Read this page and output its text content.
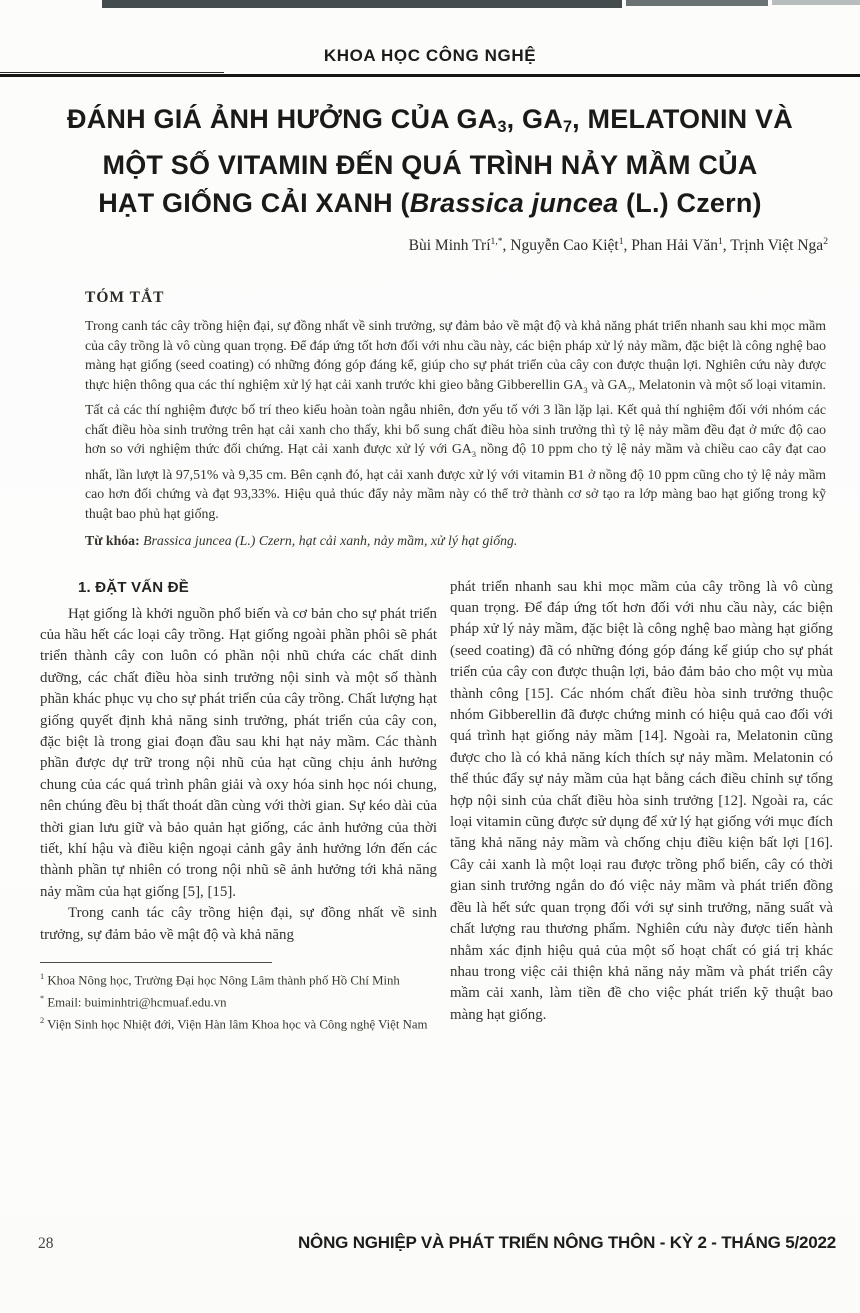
KHOA HỌC CÔNG NGHỆ
ĐÁNH GIÁ ẢNH HƯỞNG CỦA $GA_3$, $GA_7$, MELATONIN VÀ
MỘT SỐ VITAMIN ĐẾN QUÁ TRÌNH NẢY MẦM CỦA
HẠT GIỐNG CẢI XANH (Brassica juncea (L.) Czern)
Bùi Minh Trí$^{1,*}$, Nguyễn Cao Kiệt$^1$, Phan Hải Văn$^1$, Trịnh Việt Nga$^2$
TÓM TẮT
Trong canh tác cây trồng hiện đại, sự đồng nhất về sinh trưởng, sự đảm bảo về mật độ và khả năng phát triển nhanh sau khi mọc mầm của cây trồng là vô cùng quan trọng. Để đáp ứng tốt hơn đối với nhu cầu này, các biện pháp xử lý nảy mầm, đặc biệt là công nghệ bao màng hạt giống (seed coating) có những đóng góp đáng kể, giúp cho sự phát triển của cây con được thuận lợi. Nghiên cứu này được thực hiện thông qua các thí nghiệm xử lý hạt cải xanh trước khi gieo bằng Gibberellin $GA_3$ và $GA_7$, Melatonin và một số loại vitamin. Tất cả các thí nghiệm được bố trí theo kiểu hoàn toàn ngẫu nhiên, đơn yếu tố với 3 lần lặp lại. Kết quả thí nghiệm đối với nhóm các chất điều hòa sinh trưởng trên hạt cải xanh cho thấy, khi bổ sung chất điều hòa sinh trưởng thì tỷ lệ nảy mầm đều đạt ở mức độ cao hơn so với nghiệm thức đối chứng. Hạt cải xanh được xử lý với $GA_3$ nồng độ 10 ppm cho tỷ lệ nảy mầm và chiều cao cây đạt cao nhất, lần lượt là 97,51% và 9,35 cm. Bên cạnh đó, hạt cải xanh được xử lý với vitamin B1 ở nồng độ 10 ppm cũng cho tỷ lệ nảy mầm cao hơn đối chứng và đạt 93,33%. Hiệu quả thúc đẩy nảy mầm này có thể trở thành cơ sở tạo ra lớp màng bao hạt giống trong kỹ thuật bao phủ hạt giống.
Từ khóa: Brassica juncea (L.) Czern, hạt cải xanh, nảy mầm, xử lý hạt giống.
1. ĐẶT VẤN ĐỀ

Hạt giống là khởi nguồn phổ biến và cơ bản cho sự phát triển của hầu hết các loại cây trồng. Hạt giống ngoài phần phôi sẽ phát triển thành cây con luôn có phần nội nhũ chứa các chất dinh dưỡng, các chất điều hòa sinh trưởng nội sinh và một số thành phần khác phục vụ cho sự phát triển của cây trồng. Chất lượng hạt giống quyết định khả năng sinh trưởng, phát triển của cây con, đặc biệt là trong giai đoạn đầu sau khi hạt nảy mầm. Các thành phần được dự trữ trong nội nhũ của hạt cũng chịu ảnh hưởng chung của các quá trình phân giải và oxy hóa sinh học nói chung, nên chúng đều bị thất thoát dần cùng với thời gian. Sự kéo dài của thời gian lưu giữ và bảo quản hạt giống, các ảnh hưởng của thời tiết, khí hậu và điều kiện ngoại cảnh gây ảnh hưởng lớn đến các thành phần tự nhiên có trong nội nhũ sẽ ảnh hưởng tới khả năng nảy mầm của hạt giống [5], [15].

Trong canh tác cây trồng hiện đại, sự đồng nhất về sinh trưởng, sự đảm bảo về mật độ và khả năng

$^1$ Khoa Nông học, Trường Đại học Nông Lâm thành phố Hồ Chí Minh

* Email: buiminhtri@hcmuaf.edu.vn

$^2$ Viện Sinh học Nhiệt đới, Viện Hàn lâm Khoa học và Công nghệ Việt Nam

phát triển nhanh sau khi mọc mầm của cây trồng là vô cùng quan trọng. Để đáp ứng tốt hơn đối với nhu cầu này, các biện pháp xử lý nảy mầm, đặc biệt là công nghệ bao màng hạt giống (seed coating) đã có những đóng góp đáng kể giúp cho sự phát triển của cây con được thuận lợi, bảo đảm bảo cho một vụ mùa thành công [15]. Các nhóm chất điều hòa sinh trưởng thuộc nhóm Gibberellin đã được chứng minh có hiệu quả cao đối với quá trình hạt giống nảy mầm [14]. Ngoài ra, Melatonin cũng được cho là có khả năng kích thích sự nảy mầm. Melatonin có thể thúc đẩy sự nảy mầm của hạt bằng cách điều chỉnh sự tổng hợp nội sinh của chất điều hòa sinh trưởng [12]. Ngoài ra, các loại vitamin cũng được sử dụng để xử lý hạt giống với mục đích tăng khả năng nảy mầm và chống chịu điều kiện bất lợi [16]. Cây cải xanh là một loại rau được trồng phổ biến, cây có thời gian sinh trưởng ngắn do đó việc nảy mầm và phát triển đồng đều là hết sức quan trọng đối với sự sinh trưởng, năng suất và chất lượng rau thương phẩm. Nghiên cứu này được tiến hành nhằm xác định hiệu quả của một số hoạt chất có giá trị khác nhau trong việc cải thiện khả năng nảy mầm và phát triển cây mầm cải xanh, làm tiền đề cho việc phát triển kỹ thuật bao màng hạt giống.

28	NÔNG NGHIỆP VÀ PHÁT TRIỂN NÔNG THÔN - KỲ 2 - THÁNG 5/2022
